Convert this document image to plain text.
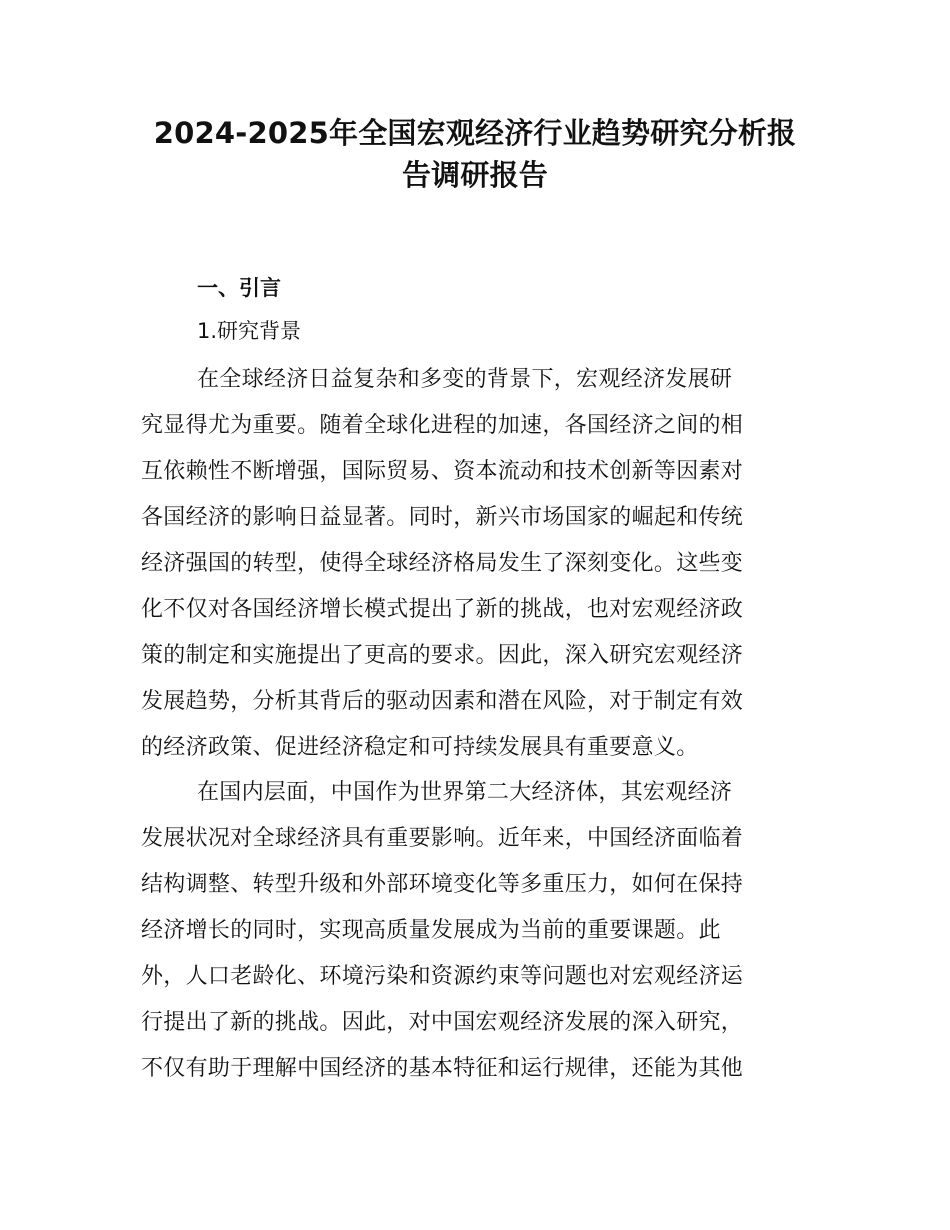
2024-2025年全国宏观经济行业趋势研究分析报
告调研报告
一、引言
1.研究背景
在全球经济日益复杂和多变的背景下，宏观经济发展研
究显得尤为重要。随着全球化进程的加速，各国经济之间的相
互依赖性不断增强，国际贸易、资本流动和技术创新等因素对
各国经济的影响日益显著。同时，新兴市场国家的崛起和传统
经济强国的转型，使得全球经济格局发生了深刻变化。这些变
化不仅对各国经济增长模式提出了新的挑战，也对宏观经济政
策的制定和实施提出了更高的要求。因此，深入研究宏观经济
发展趋势，分析其背后的驱动因素和潜在风险，对于制定有效
的经济政策、促进经济稳定和可持续发展具有重要意义。
在国内层面，中国作为世界第二大经济体，其宏观经济
发展状况对全球经济具有重要影响。近年来，中国经济面临着
结构调整、转型升级和外部环境变化等多重压力，如何在保持
经济增长的同时，实现高质量发展成为当前的重要课题。此
外，人口老龄化、环境污染和资源约束等问题也对宏观经济运
行提出了新的挑战。因此，对中国宏观经济发展的深入研究，
不仅有助于理解中国经济的基本特征和运行规律，还能为其他
